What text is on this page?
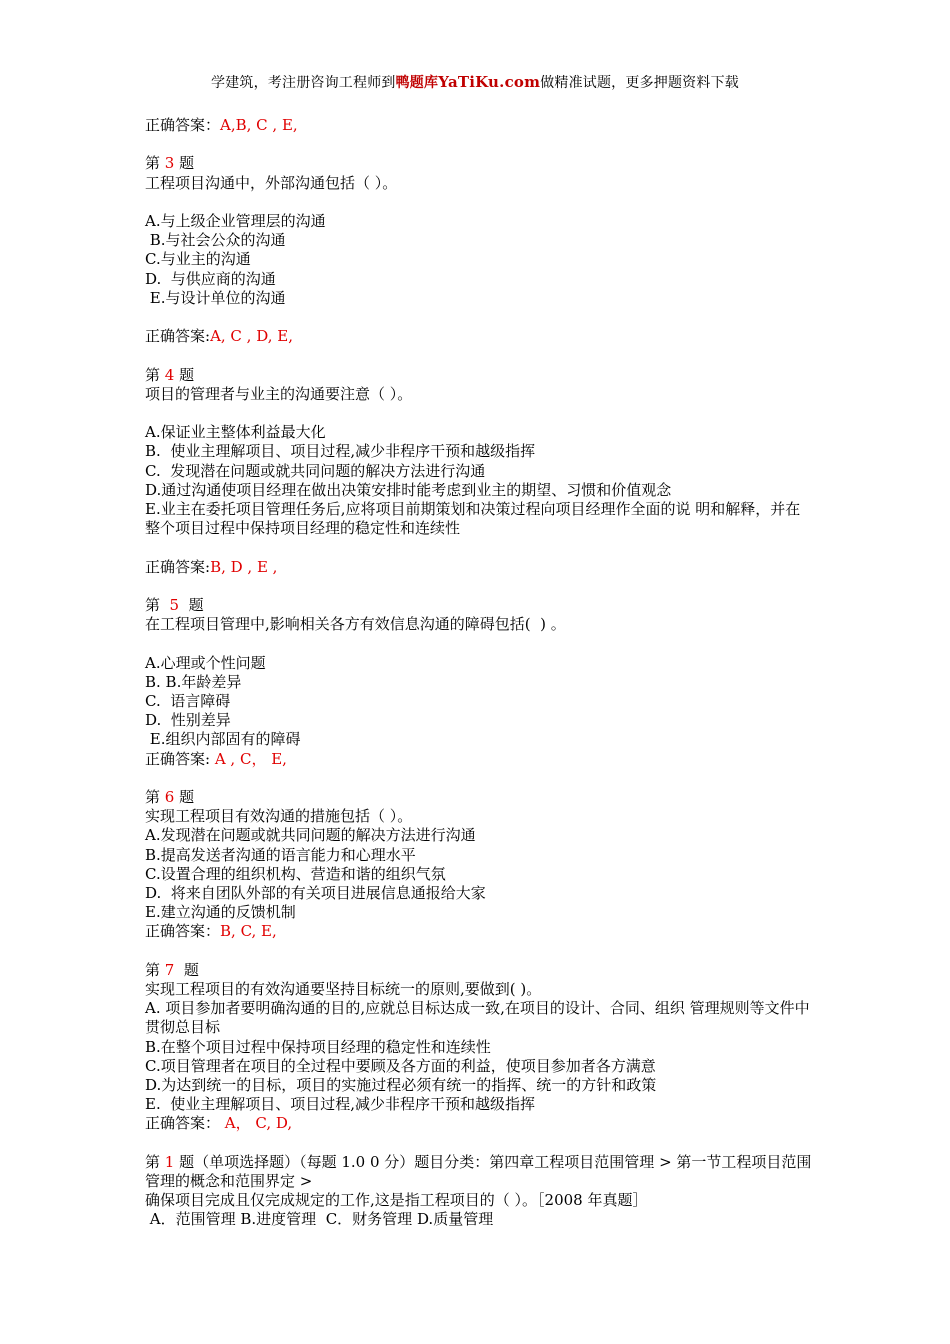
学建筑，考注册咨询工程师到鸭题库YaTiKu.com做精准试题，更多押题资料下载
正确答案：A,B, C , E,
第 3 题
工程项目沟通中，外部沟通包括（ ）。
A.与上级企业管理层的沟通
B.与社会公众的沟通
C.与业主的沟通
D.  与供应商的沟通
E.与设计单位的沟通
正确答案:A, C , D, E,
第 4 题
项目的管理者与业主的沟通要注意（ ）。
A.保证业主整体利益最大化
B.  使业主理解项目、项目过程,减少非程序干预和越级指挥
C.  发现潜在问题或就共同问题的解决方法进行沟通
D.通过沟通使项目经理在做出决策安排时能考虑到业主的期望、习惯和价值观念
E.业主在委托项目管理任务后,应将项目前期策划和决策过程向项目经理作全面的说 明和解释，并在整个项目过程中保持项目经理的稳定性和连续性
正确答案:B, D , E ,
第  5  题
在工程项目管理中,影响相关各方有效信息沟通的障碍包括(  ) 。
A.心理或个性问题
B. B.年龄差异
C.  语言障碍
D.  性别差异
E.组织内部固有的障碍
正确答案: A , C， E,
第 6 题
实现工程项目有效沟通的措施包括（ ）。
A.发现潜在问题或就共同问题的解决方法进行沟通
B.提高发送者沟通的语言能力和心理水平
C.设置合理的组织机构、营造和谐的组织气氛
D.  将来自团队外部的有关项目进展信息通报给大家
E.建立沟通的反馈机制
正确答案：B, C, E,
第 7  题
实现工程项目的有效沟通要坚持目标统一的原则,要做到( )。
A. 项目参加者要明确沟通的目的,应就总目标达成一致,在项目的设计、合同、组织 管理规则等文件中贯彻总目标
B.在整个项目过程中保持项目经理的稳定性和连续性
C.项目管理者在项目的全过程中要顾及各方面的利益，使项目参加者各方满意
D.为达到统一的目标，项目的实施过程必须有统一的指挥、统一的方针和政策
E.  使业主理解项目、项目过程,减少非程序干预和越级指挥
正确答案： A， C, D,
第 1 题（单项选择题）（每题 1.0 0 分）题目分类：第四章工程项目范围管理 > 第一节工程项目范围管理的概念和范围界定 >
确保项目完成且仅完成规定的工作,这是指工程项目的（ ）。［2008 年真题］
A．范围管理 B.进度管理  C．财务管理 D.质量管理
